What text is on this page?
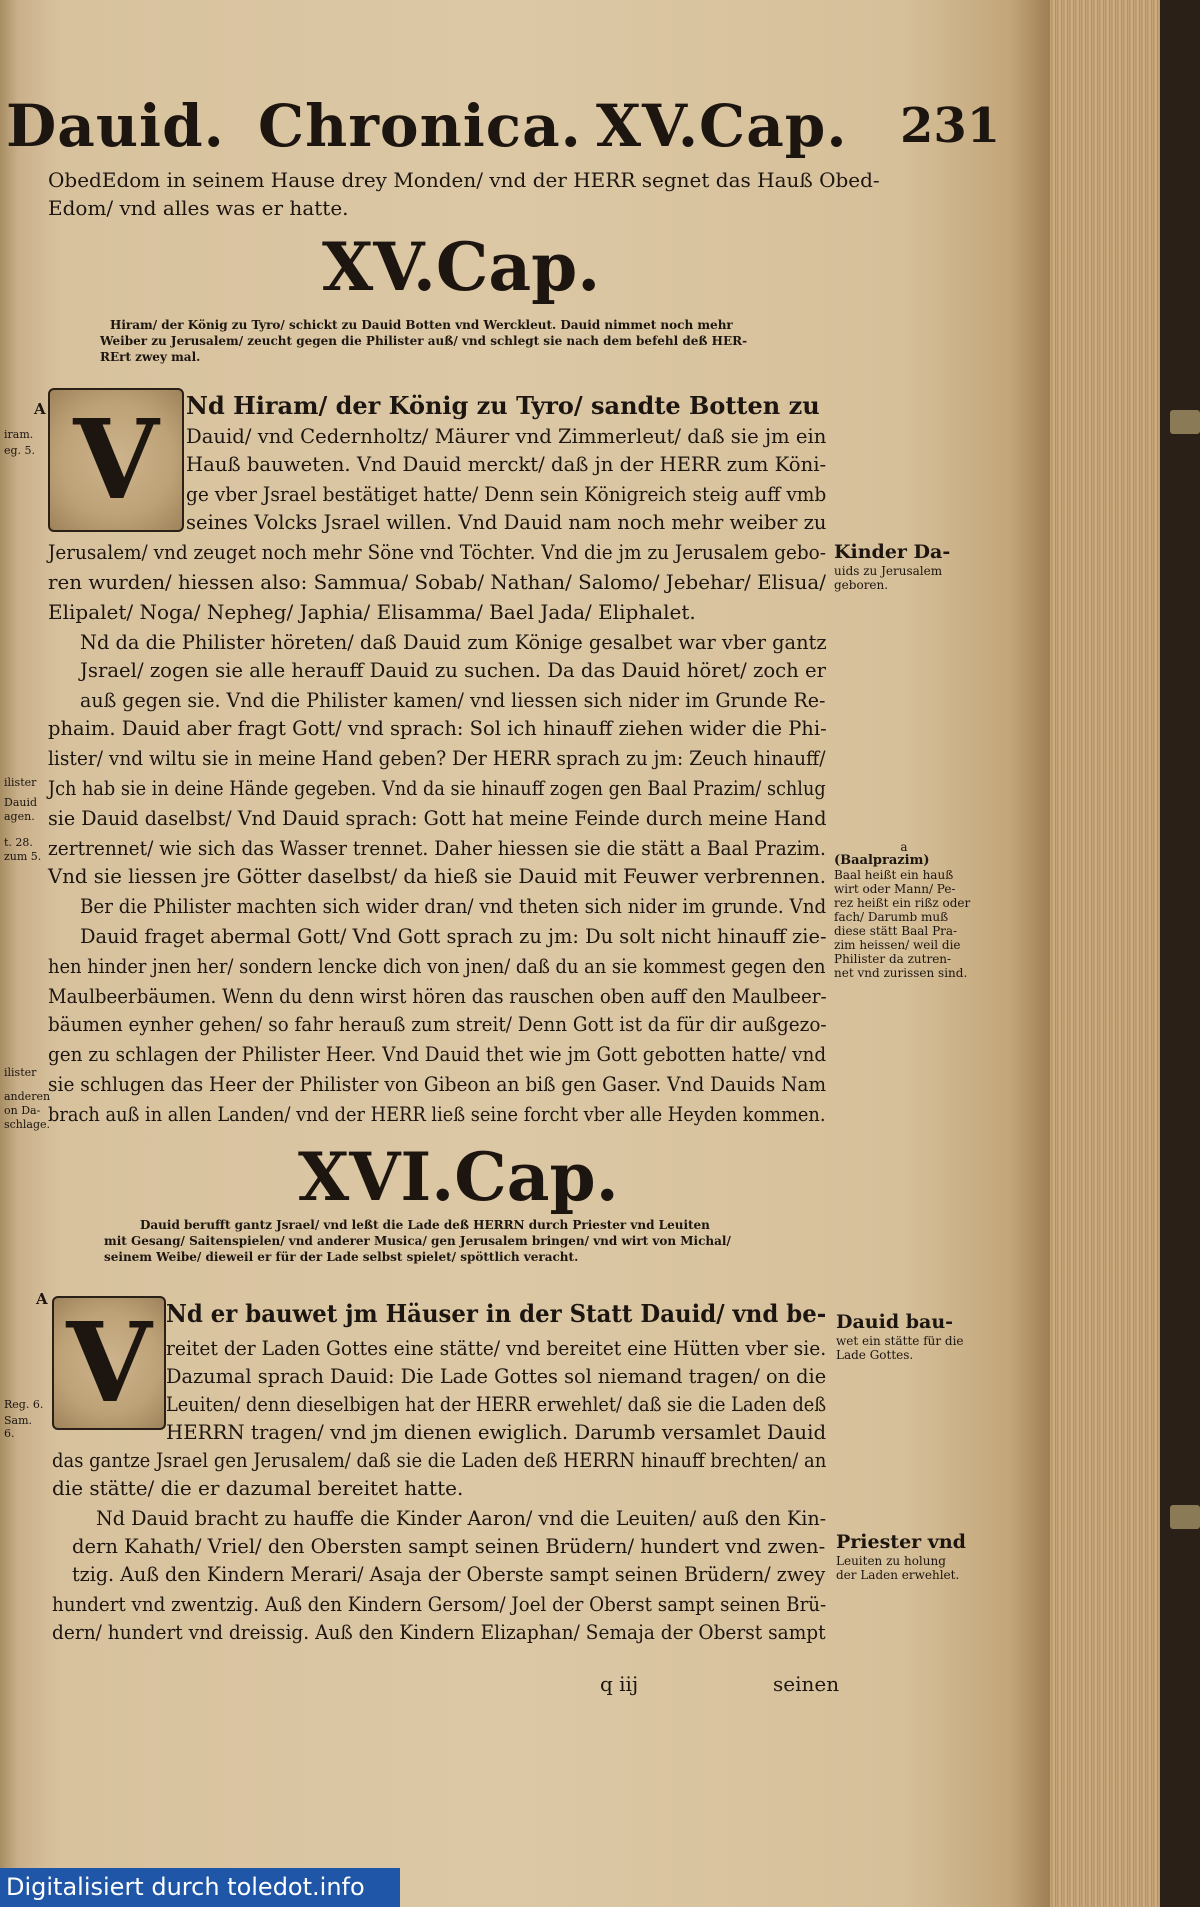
Dauid. Chronica. XV.Cap. 231
ObedEdom in seinem Hause drey Monden/ vnd der HERR segnet das Hauß Obed-
Edom/ vnd alles was er hatte.
XV.Cap.
Hiram/ der König zu Tyro/ schickt zu Dauid Botten vnd Werckleut. Dauid nimmet noch mehr
Weiber zu Jerusalem/ zeucht gegen die Philister auß/ vnd schlegt sie nach dem befehl deß HER-
RErt zwey mal.
A V Nd Hiram/ der König zu Tyro/ sandte Botten zu
Dauid/ vnd Cedernholtz/ Mäurer vnd Zimmerleut/ daß sie jm ein
Hauß bauweten. Vnd Dauid merckt/ daß jn der HERR zum Köni-
ge vber Jsrael bestätiget hatte/ Denn sein Königreich steig auff vmb
seines Volcks Jsrael willen. Vnd Dauid nam noch mehr weiber zu
Jerusalem/ vnd zeuget noch mehr Söne vnd Töchter. Vnd die jm zu Jerusalem gebo-
ren wurden/ hiessen also: Sammua/ Sobab/ Nathan/ Salomo/ Jebehar/ Elisua/
Elipalet/ Noga/ Nepheg/ Japhia/ Elisamma/ Bael Jada/ Eliphalet.
Nd da die Philister höreten/ daß Dauid zum Könige gesalbet war vber gantz
Jsrael/ zogen sie alle herauff Dauid zu suchen. Da das Dauid höret/ zoch er
auß gegen sie. Vnd die Philister kamen/ vnd liessen sich nider im Grunde Re-
phaim. Dauid aber fragt Gott/ vnd sprach: Sol ich hinauff ziehen wider die Phi-
lister/ vnd wiltu sie in meine Hand geben? Der HERR sprach zu jm: Zeuch hinauff/
Jch hab sie in deine Hände gegeben. Vnd da sie hinauff zogen gen Baal Prazim/ schlug
sie Dauid daselbst/ Vnd Dauid sprach: Gott hat meine Feinde durch meine Hand
zertrennet/ wie sich das Wasser trennet. Daher hiessen sie die stätt a Baal Prazim.
Vnd sie liessen jre Götter daselbst/ da hieß sie Dauid mit Feuwer verbrennen.
Ber die Philister machten sich wider dran/ vnd theten sich nider im grunde. Vnd
Dauid fraget abermal Gott/ Vnd Gott sprach zu jm: Du solt nicht hinauff zie-
hen hinder jnen her/ sondern lencke dich von jnen/ daß du an sie kommest gegen den
Maulbeerbäumen. Wenn du denn wirst hören das rauschen oben auff den Maulbeer-
bäumen eynher gehen/ so fahr herauß zum streit/ Denn Gott ist da für dir außgezo-
gen zu schlagen der Philister Heer. Vnd Dauid thet wie jm Gott gebotten hatte/ vnd
sie schlugen das Heer der Philister von Gibeon an biß gen Gaser. Vnd Dauids Nam
brach auß in allen Landen/ vnd der HERR ließ seine forcht vber alle Heyden kommen.
XVI.Cap.
Dauid berufft gantz Jsrael/ vnd leßt die Lade deß HERRN durch Priester vnd Leuiten
mit Gesang/ Saitenspielen/ vnd anderer Musica/ gen Jerusalem bringen/ vnd wirt von Michal/
seinem Weibe/ dieweil er für der Lade selbst spielet/ spöttlich veracht.
A V Nd er bauwet jm Häuser in der Statt Dauid/ vnd be-
reitet der Laden Gottes eine stätte/ vnd bereitet eine Hütten vber sie.
Dazumal sprach Dauid: Die Lade Gottes sol niemand tragen/ on die
Leuiten/ denn dieselbigen hat der HERR erwehlet/ daß sie die Laden deß
HERRN tragen/ vnd jm dienen ewiglich. Darumb versamlet Dauid
das gantze Jsrael gen Jerusalem/ daß sie die Laden deß HERRN hinauff brechten/ an
die stätte/ die er dazumal bereitet hatte.
Nd Dauid bracht zu hauffe die Kinder Aaron/ vnd die Leuiten/ auß den Kin-
dern Kahath/ Vriel/ den Obersten sampt seinen Brüdern/ hundert vnd zwen-
tzig. Auß den Kindern Merari/ Asaja der Oberste sampt seinen Brüdern/ zwey
hundert vnd zwentzig. Auß den Kindern Gersom/ Joel der Oberst sampt seinen Brü-
dern/ hundert vnd dreissig. Auß den Kindern Elizaphan/ Semaja der Oberst sampt
q iij	seinen
Kinder Da-
uids zu Jerusalem
geboren.
a
(Baalprazim)
Baal heißt ein hauß
wirt oder Mann/ Pe-
rez heißt ein rißz oder
fach/ Darumb muß
diese stätt Baal Pra-
zim heissen/ weil die
Philister da zutren-
net vnd zurissen sind.
Dauid bau-
wet ein stätte für die
Lade Gottes.
Priester vnd
Leuiten zu holung
der Laden erwehlet.
iram.
eg. 5.
ilister
Dauid
agen.
t. 28.
zum 5.
ilister
anderen
on Da-
schlage.
Reg. 6.
Sam. 6.
Digitalisiert durch toledot.info
